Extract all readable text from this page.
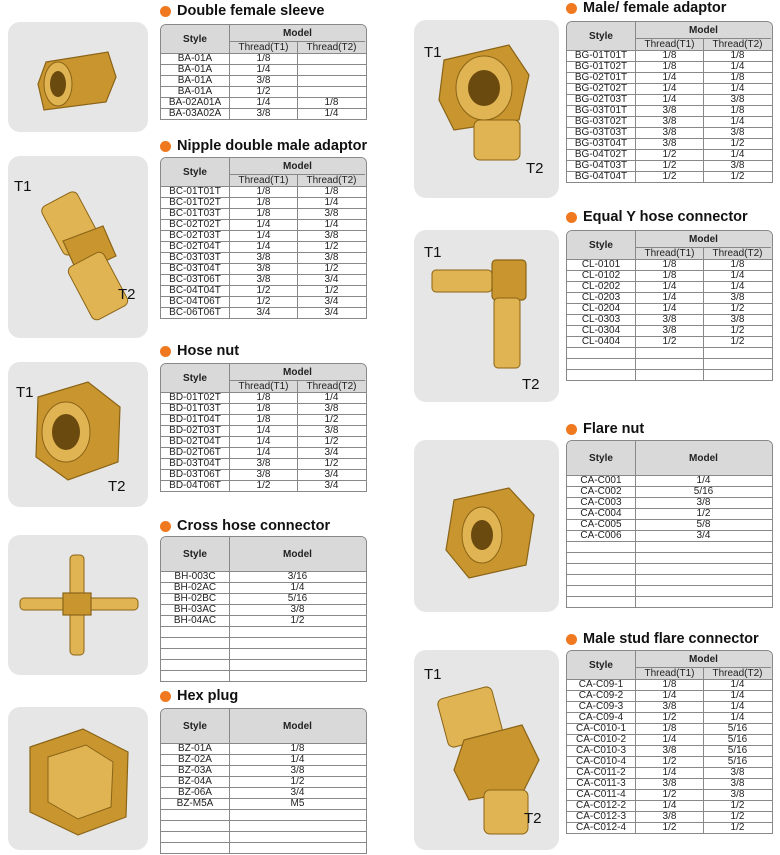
Double female sleeve
Style
Model
Thread(T1)	Thread(T2)
BA-01A	1/8
BA-01A	1/4
BA-01A	3/8
BA-01A	1/2
BA-02A01A	1/4	1/8
BA-03A02A	3/8	1/4
Nipple double male adaptor
T1
T2
Style
Model
Thread(T1)	Thread(T2)
BC-01T01T	1/8	1/8
BC-01T02T	1/8	1/4
BC-01T03T	1/8	3/8
BC-02T02T	1/4	1/4
BC-02T03T	1/4	3/8
BC-02T04T	1/4	1/2
BC-03T03T	3/8	3/8
BC-03T04T	3/8	1/2
BC-03T06T	3/8	3/4
BC-04T04T	1/2	1/2
BC-04T06T	1/2	3/4
BC-06T06T	3/4	3/4
Hose nut
T1
T2
Style
Model
Thread(T1)	Thread(T2)
BD-01T02T	1/8	1/4
BD-01T03T	1/8	3/8
BD-01T04T	1/8	1/2
BD-02T03T	1/4	3/8
BD-02T04T	1/4	1/2
BD-02T06T	1/4	3/4
BD-03T04T	3/8	1/2
BD-03T06T	3/8	3/4
BD-04T06T	1/2	3/4
Cross hose connector
Style	Model
BH-003C	3/16
BH-02AC	1/4
BH-02BC	5/16
BH-03AC	3/8
BH-04AC	1/2
Hex plug
Style	Model
BZ-01A	1/8
BZ-02A	1/4
BZ-03A	3/8
BZ-04A	1/2
BZ-06A	3/4
BZ-M5A	M5
Male/ female adaptor
T1
T2
Style
Model
Thread(T1)	Thread(T2)
BG-01T01T	1/8	1/8
BG-01T02T	1/8	1/4
BG-02T01T	1/4	1/8
BG-02T02T	1/4	1/4
BG-02T03T	1/4	3/8
BG-03T01T	3/8	1/8
BG-03T02T	3/8	1/4
BG-03T03T	3/8	3/8
BG-03T04T	3/8	1/2
BG-04T02T	1/2	1/4
BG-04T03T	1/2	3/8
BG-04T04T	1/2	1/2
Equal Y hose connector
T1
T2
Style
Model
Thread(T1)	Thread(T2)
CL-0101	1/8	1/8
CL-0102	1/8	1/4
CL-0202	1/4	1/4
CL-0203	1/4	3/8
CL-0204	1/4	1/2
CL-0303	3/8	3/8
CL-0304	3/8	1/2
CL-0404	1/2	1/2
Flare nut
Style	Model
CA-C001	1/4
CA-C002	5/16
CA-C003	3/8
CA-C004	1/2
CA-C005	5/8
CA-C006	3/4
Male stud flare connector
T1
T2
Style
Model
Thread(T1)	Thread(T2)
CA-C09-1	1/8	1/4
CA-C09-2	1/4	1/4
CA-C09-3	3/8	1/4
CA-C09-4	1/2	1/4
CA-C010-1	1/8	5/16
CA-C010-2	1/4	5/16
CA-C010-3	3/8	5/16
CA-C010-4	1/2	5/16
CA-C011-2	1/4	3/8
CA-C011-3	3/8	3/8
CA-C011-4	1/2	3/8
CA-C012-2	1/4	1/2
CA-C012-3	3/8	1/2
CA-C012-4	1/2	1/2
